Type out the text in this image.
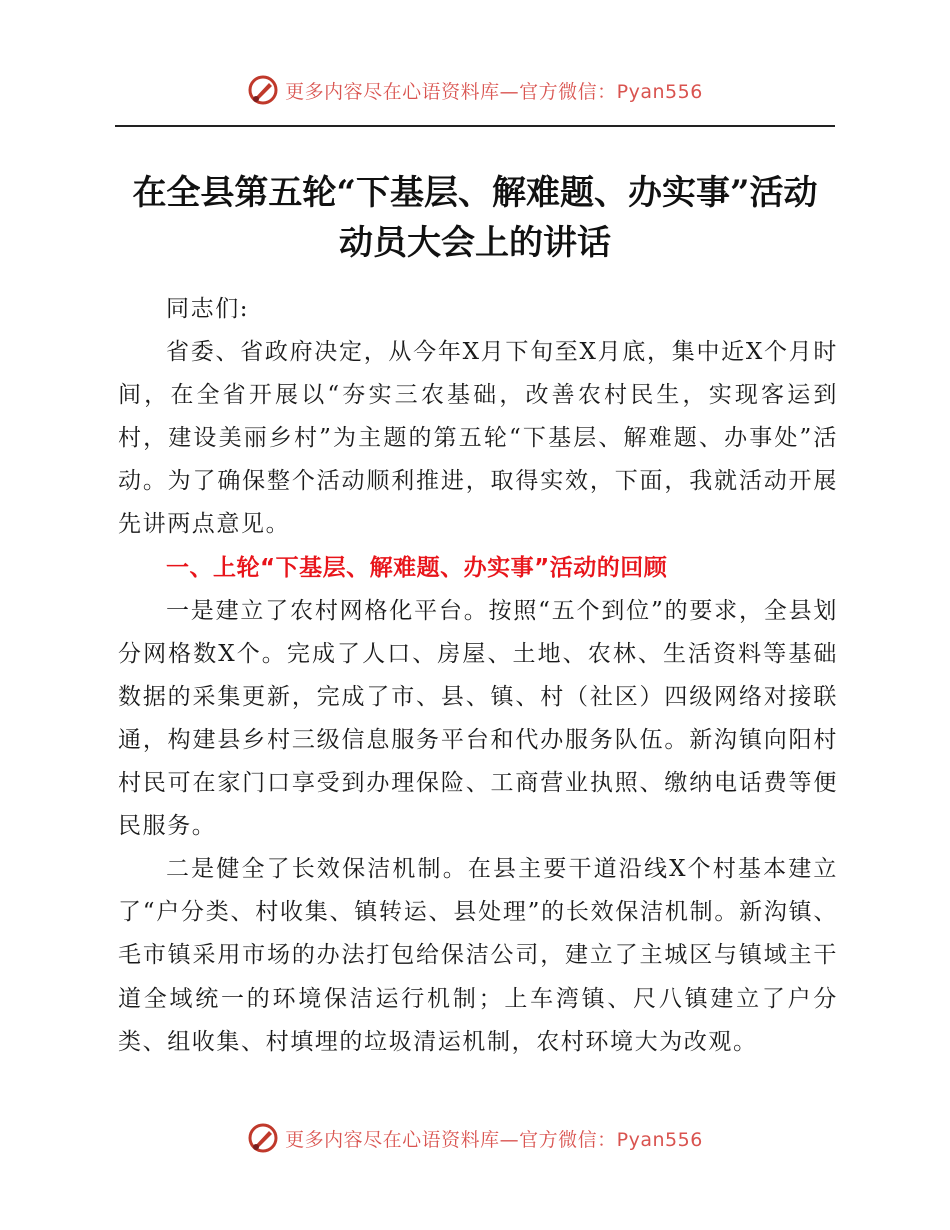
更多内容尽在心语资料库—官方微信：Pyan556
在全县第五轮“下基层、解难题、办实事”活动
动员大会上的讲话

同志们:

省委、省政府决定，从今年X月下旬至X月底，集中近X个月时间，在全省开展以“夯实三农基础，改善农村民生，实现客运到村，建设美丽乡村”为主题的第五轮“下基层、解难题、办事处”活动。为了确保整个活动顺利推进，取得实效，下面，我就活动开展先讲两点意见。

一、上轮“下基层、解难题、办实事”活动的回顾

一是建立了农村网格化平台。按照“五个到位”的要求，全县划分网格数X个。完成了人口、房屋、土地、农林、生活资料等基础数据的采集更新，完成了市、县、镇、村（社区）四级网络对接联通，构建县乡村三级信息服务平台和代办服务队伍。新沟镇向阳村村民可在家门口享受到办理保险、工商营业执照、缴纳电话费等便民服务。

二是健全了长效保洁机制。在县主要干道沿线X个村基本建立了“户分类、村收集、镇转运、县处理”的长效保洁机制。新沟镇、毛市镇采用市场的办法打包给保洁公司，建立了主城区与镇域主干道全域统一的环境保洁运行机制；上车湾镇、尺八镇建立了户分类、组收集、村填埋的垃圾清运机制，农村环境大为改观。

更多内容尽在心语资料库—官方微信：Pyan556
